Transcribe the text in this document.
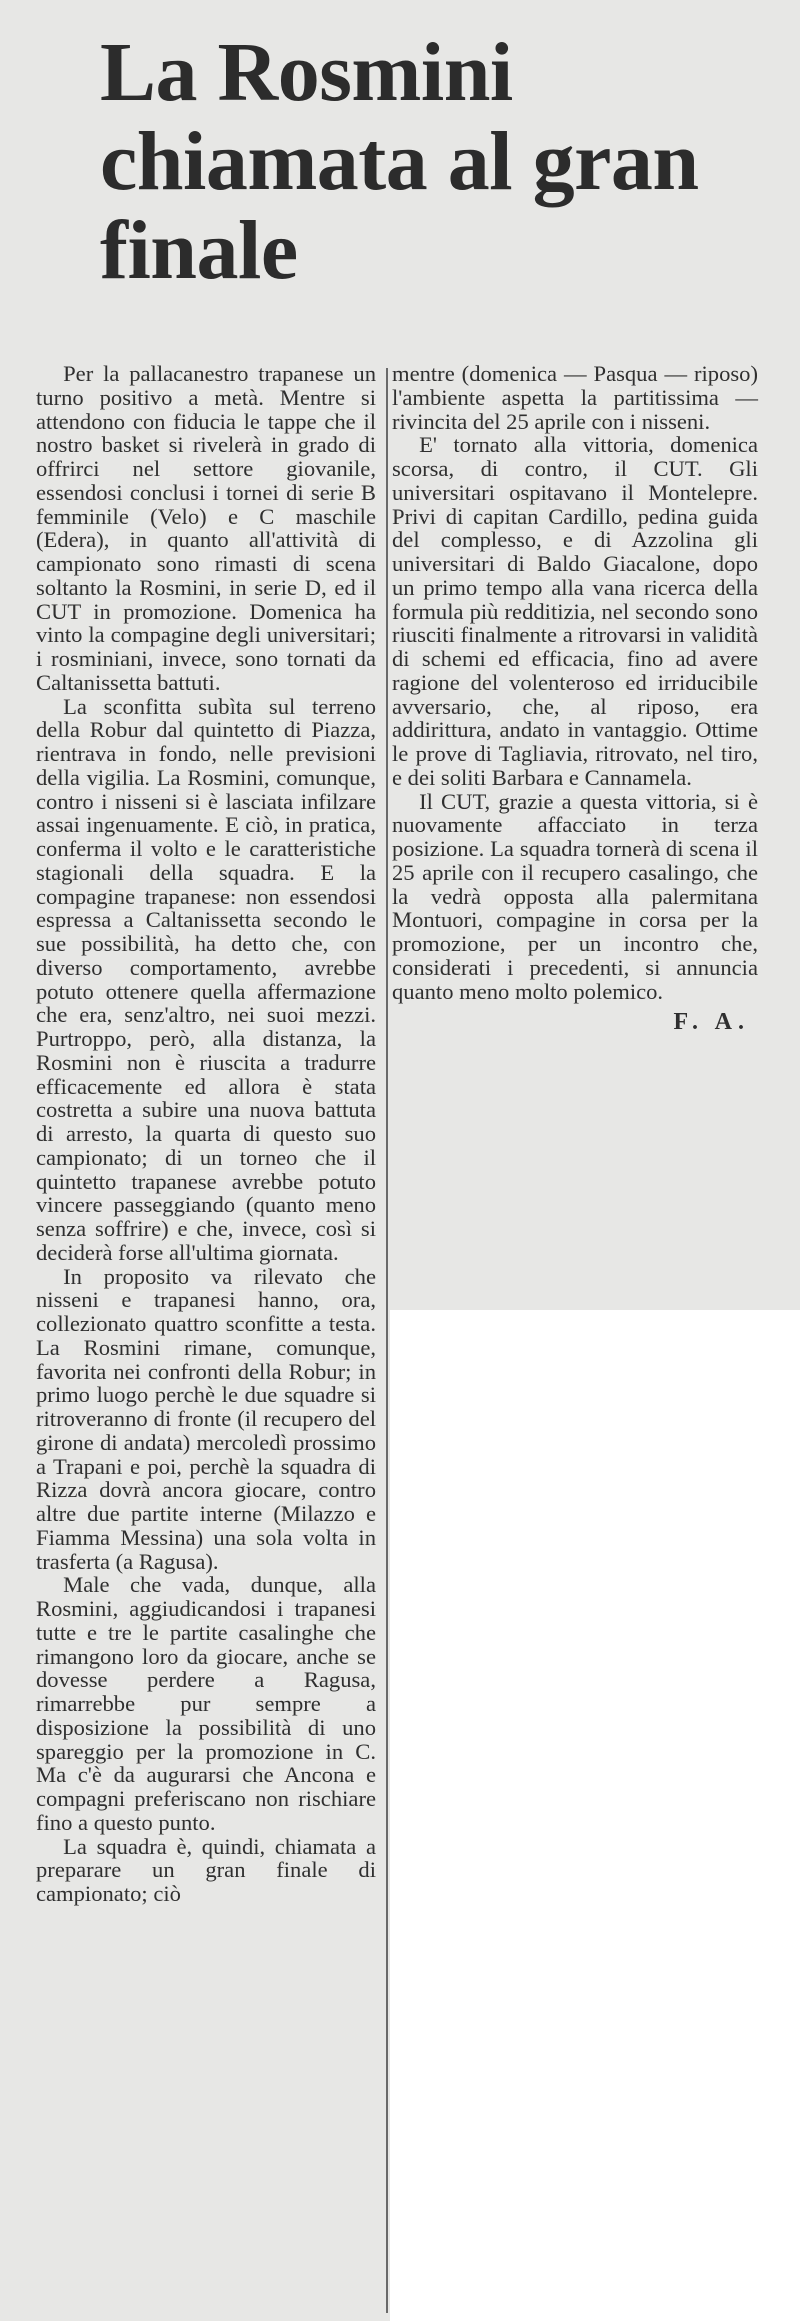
La Rosmini chiamata al gran finale

Per la pallacanestro trapanese un turno positivo a metà. Mentre si attendono con fiducia le tappe che il nostro basket si rivelerà in grado di offrirci nel settore giovanile, essendosi conclusi i tornei di serie B femminile (Velo) e C maschile (Edera), in quanto all'attività di campionato sono rimasti di scena soltanto la Rosmini, in serie D, ed il CUT in promozione. Domenica ha vinto la compagine degli universitari; i rosminiani, invece, sono tornati da Caltanissetta battuti.

La sconfitta subìta sul terreno della Robur dal quintetto di Piazza, rientrava in fondo, nelle previsioni della vigilia. La Rosmini, comunque, contro i nisseni si è lasciata infilzare assai ingenuamente. E ciò, in pratica, conferma il volto e le caratteristiche stagionali della squadra. E la compagine trapanese: non essendosi espressa a Caltanissetta secondo le sue possibilità, ha detto che, con diverso comportamento, avrebbe potuto ottenere quella affermazione che era, senz'altro, nei suoi mezzi. Purtroppo, però, alla distanza, la Rosmini non è riuscita a tradurre efficacemente ed allora è stata costretta a subire una nuova battuta di arresto, la quarta di questo suo campionato; di un torneo che il quintetto trapanese avrebbe potuto vincere passeggiando (quanto meno senza soffrire) e che, invece, così si deciderà forse all'ultima giornata.

In proposito va rilevato che nisseni e trapanesi hanno, ora, collezionato quattro sconfitte a testa. La Rosmini rimane, comunque, favorita nei confronti della Robur; in primo luogo perchè le due squadre si ritroveranno di fronte (il recupero del girone di andata) mercoledì prossimo a Trapani e poi, perchè la squadra di Rizza dovrà ancora giocare, contro altre due partite interne (Milazzo e Fiamma Messina) una sola volta in trasferta (a Ragusa).

Male che vada, dunque, alla Rosmini, aggiudicandosi i trapanesi tutte e tre le partite casalinghe che rimangono loro da giocare, anche se dovesse perdere a Ragusa, rimarrebbe pur sempre a disposizione la possibilità di uno spareggio per la promozione in C. Ma c'è da augurarsi che Ancona e compagni preferiscano non rischiare fino a questo punto.

La squadra è, quindi, chiamata a preparare un gran finale di campionato; ciò

mentre (domenica — Pasqua — riposo) l'ambiente aspetta la partitissima — rivincita del 25 aprile con i nisseni.

E' tornato alla vittoria, domenica scorsa, di contro, il CUT. Gli universitari ospitavano il Montelepre. Privi di capitan Cardillo, pedina guida del complesso, e di Azzolina gli universitari di Baldo Giacalone, dopo un primo tempo alla vana ricerca della formula più redditizia, nel secondo sono riusciti finalmente a ritrovarsi in validità di schemi ed efficacia, fino ad avere ragione del volenteroso ed irriducibile avversario, che, al riposo, era addirittura, andato in vantaggio. Ottime le prove di Tagliavia, ritrovato, nel tiro, e dei soliti Barbara e Cannamela.

Il CUT, grazie a questa vittoria, si è nuovamente affacciato in terza posizione. La squadra tornerà di scena il 25 aprile con il recupero casalingo, che la vedrà opposta alla palermitana Montuori, compagine in corsa per la promozione, per un incontro che, considerati i precedenti, si annuncia quanto meno molto polemico.

F. A.
